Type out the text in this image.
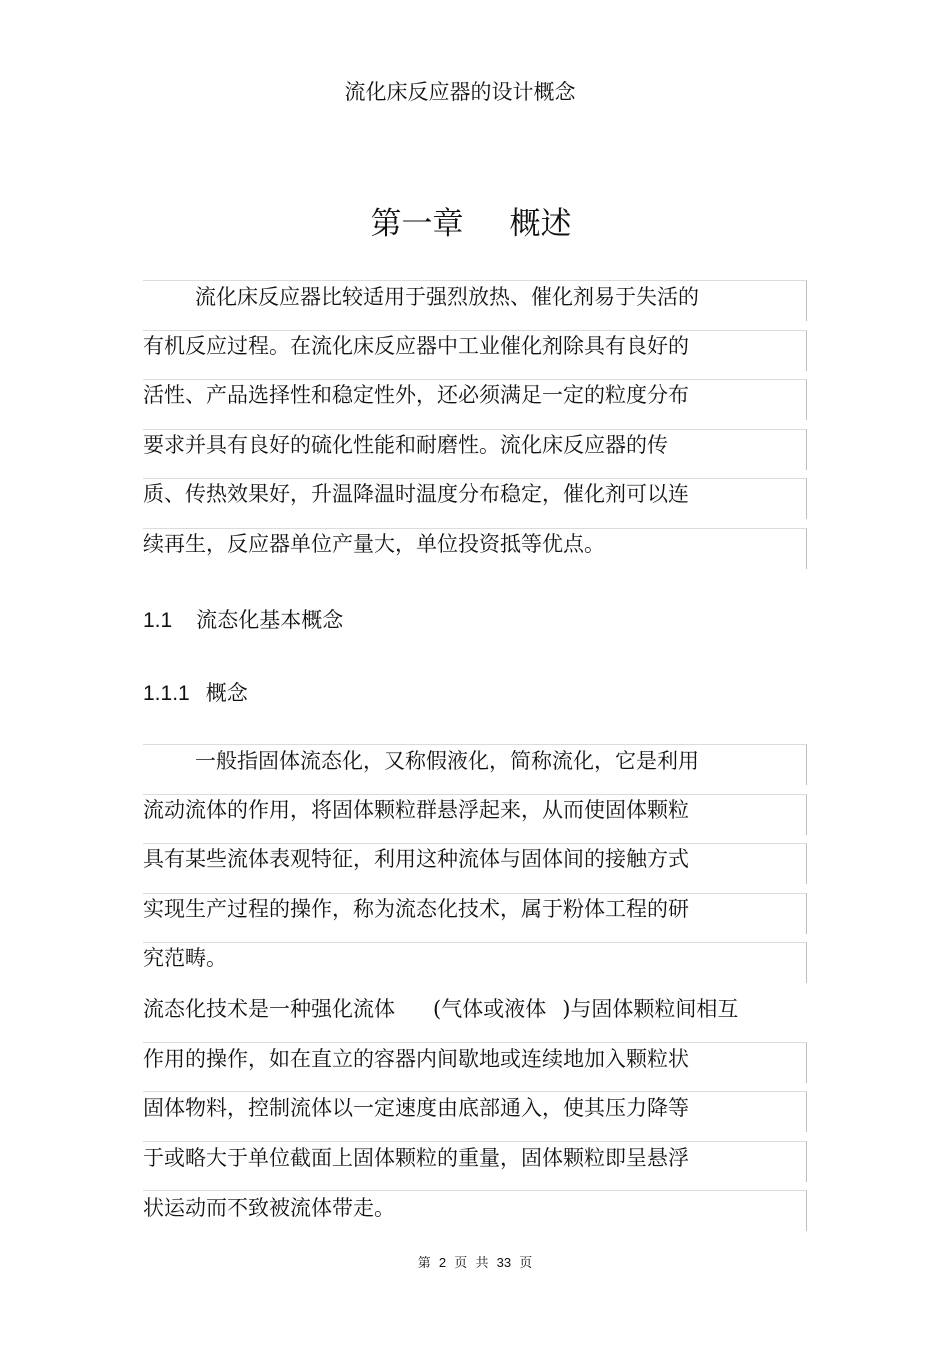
流化床反应器的设计概念
第一章 概述
流化床反应器比较适用于强烈放热、催化剂易于失活的
有机反应过程。在流化床反应器中工业催化剂除具有良好的
活性、产品选择性和稳定性外，还必须满足一定的粒度分布
要求并具有良好的硫化性能和耐磨性。流化床反应器的传
质、传热效果好，升温降温时温度分布稳定，催化剂可以连
续再生，反应器单位产量大，单位投资抵等优点。
1.1 流态化基本概念
1.1.1 概念
一般指固体流态化，又称假液化，简称流化，它是利用
流动流体的作用，将固体颗粒群悬浮起来，从而使固体颗粒
具有某些流体表观特征，利用这种流体与固体间的接触方式
实现生产过程的操作，称为流态化技术，属于粉体工程的研
究范畴。
流态化技术是一种强化流体 (气体或液体 )与固体颗粒间相互
作用的操作，如在直立的容器内间歇地或连续地加入颗粒状
固体物料，控制流体以一定速度由底部通入，使其压力降等
于或略大于单位截面上固体颗粒的重量，固体颗粒即呈悬浮
状运动而不致被流体带走。
第 2 页 共 33 页
